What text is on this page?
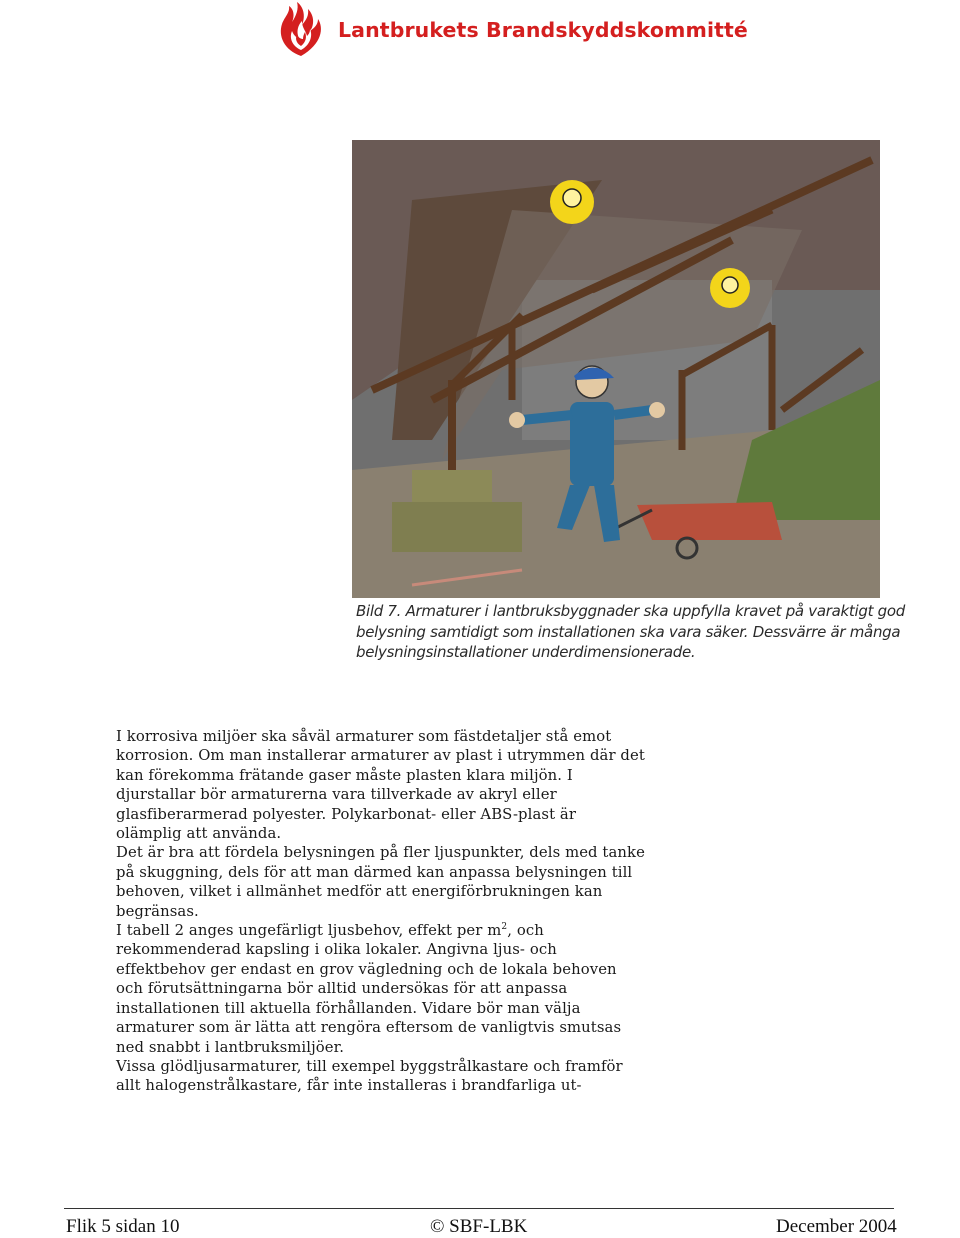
Lantbrukets Brandskyddskommitté
Bild 7. Armaturer i lantbruksbyggnader ska uppfylla kravet på varaktigt god belysning samtidigt som installationen ska vara säker. Dessvärre är många belysningsinstallationer underdimensionerade.

I korrosiva miljöer ska såväl armaturer som fästdetaljer stå emot korrosion. Om man installerar armaturer av plast i utrymmen där det kan förekomma frätande gaser måste plasten klara miljön. I djurstallar bör armaturerna vara tillverkade av akryl eller glasfiberarmerad polyester. Polykarbonat- eller ABS-plast är olämplig att använda.

Det är bra att fördela belysningen på fler ljuspunkter, dels med tanke på skuggning, dels för att man därmed kan anpassa belysningen till behoven, vilket i allmänhet medför att energiförbrukningen kan begränsas.

I tabell 2 anges ungefärligt ljusbehov, effekt per $m^2$, och rekommenderad kapsling i olika lokaler. Angivna ljus- och effektbehov ger endast en grov vägledning och de lokala behoven och förutsättningarna bör alltid undersökas för att anpassa installationen till aktuella förhållanden. Vidare bör man välja armaturer som är lätta att rengöra eftersom de vanligtvis smutsas ned snabbt i lantbruksmiljöer.

Vissa glödljusarmaturer, till exempel byggstrålkastare och framför allt halogenstrålkastare, får inte installeras i brandfarliga ut-

Flik 5 sidan 10	© SBF-LBK	December 2004
